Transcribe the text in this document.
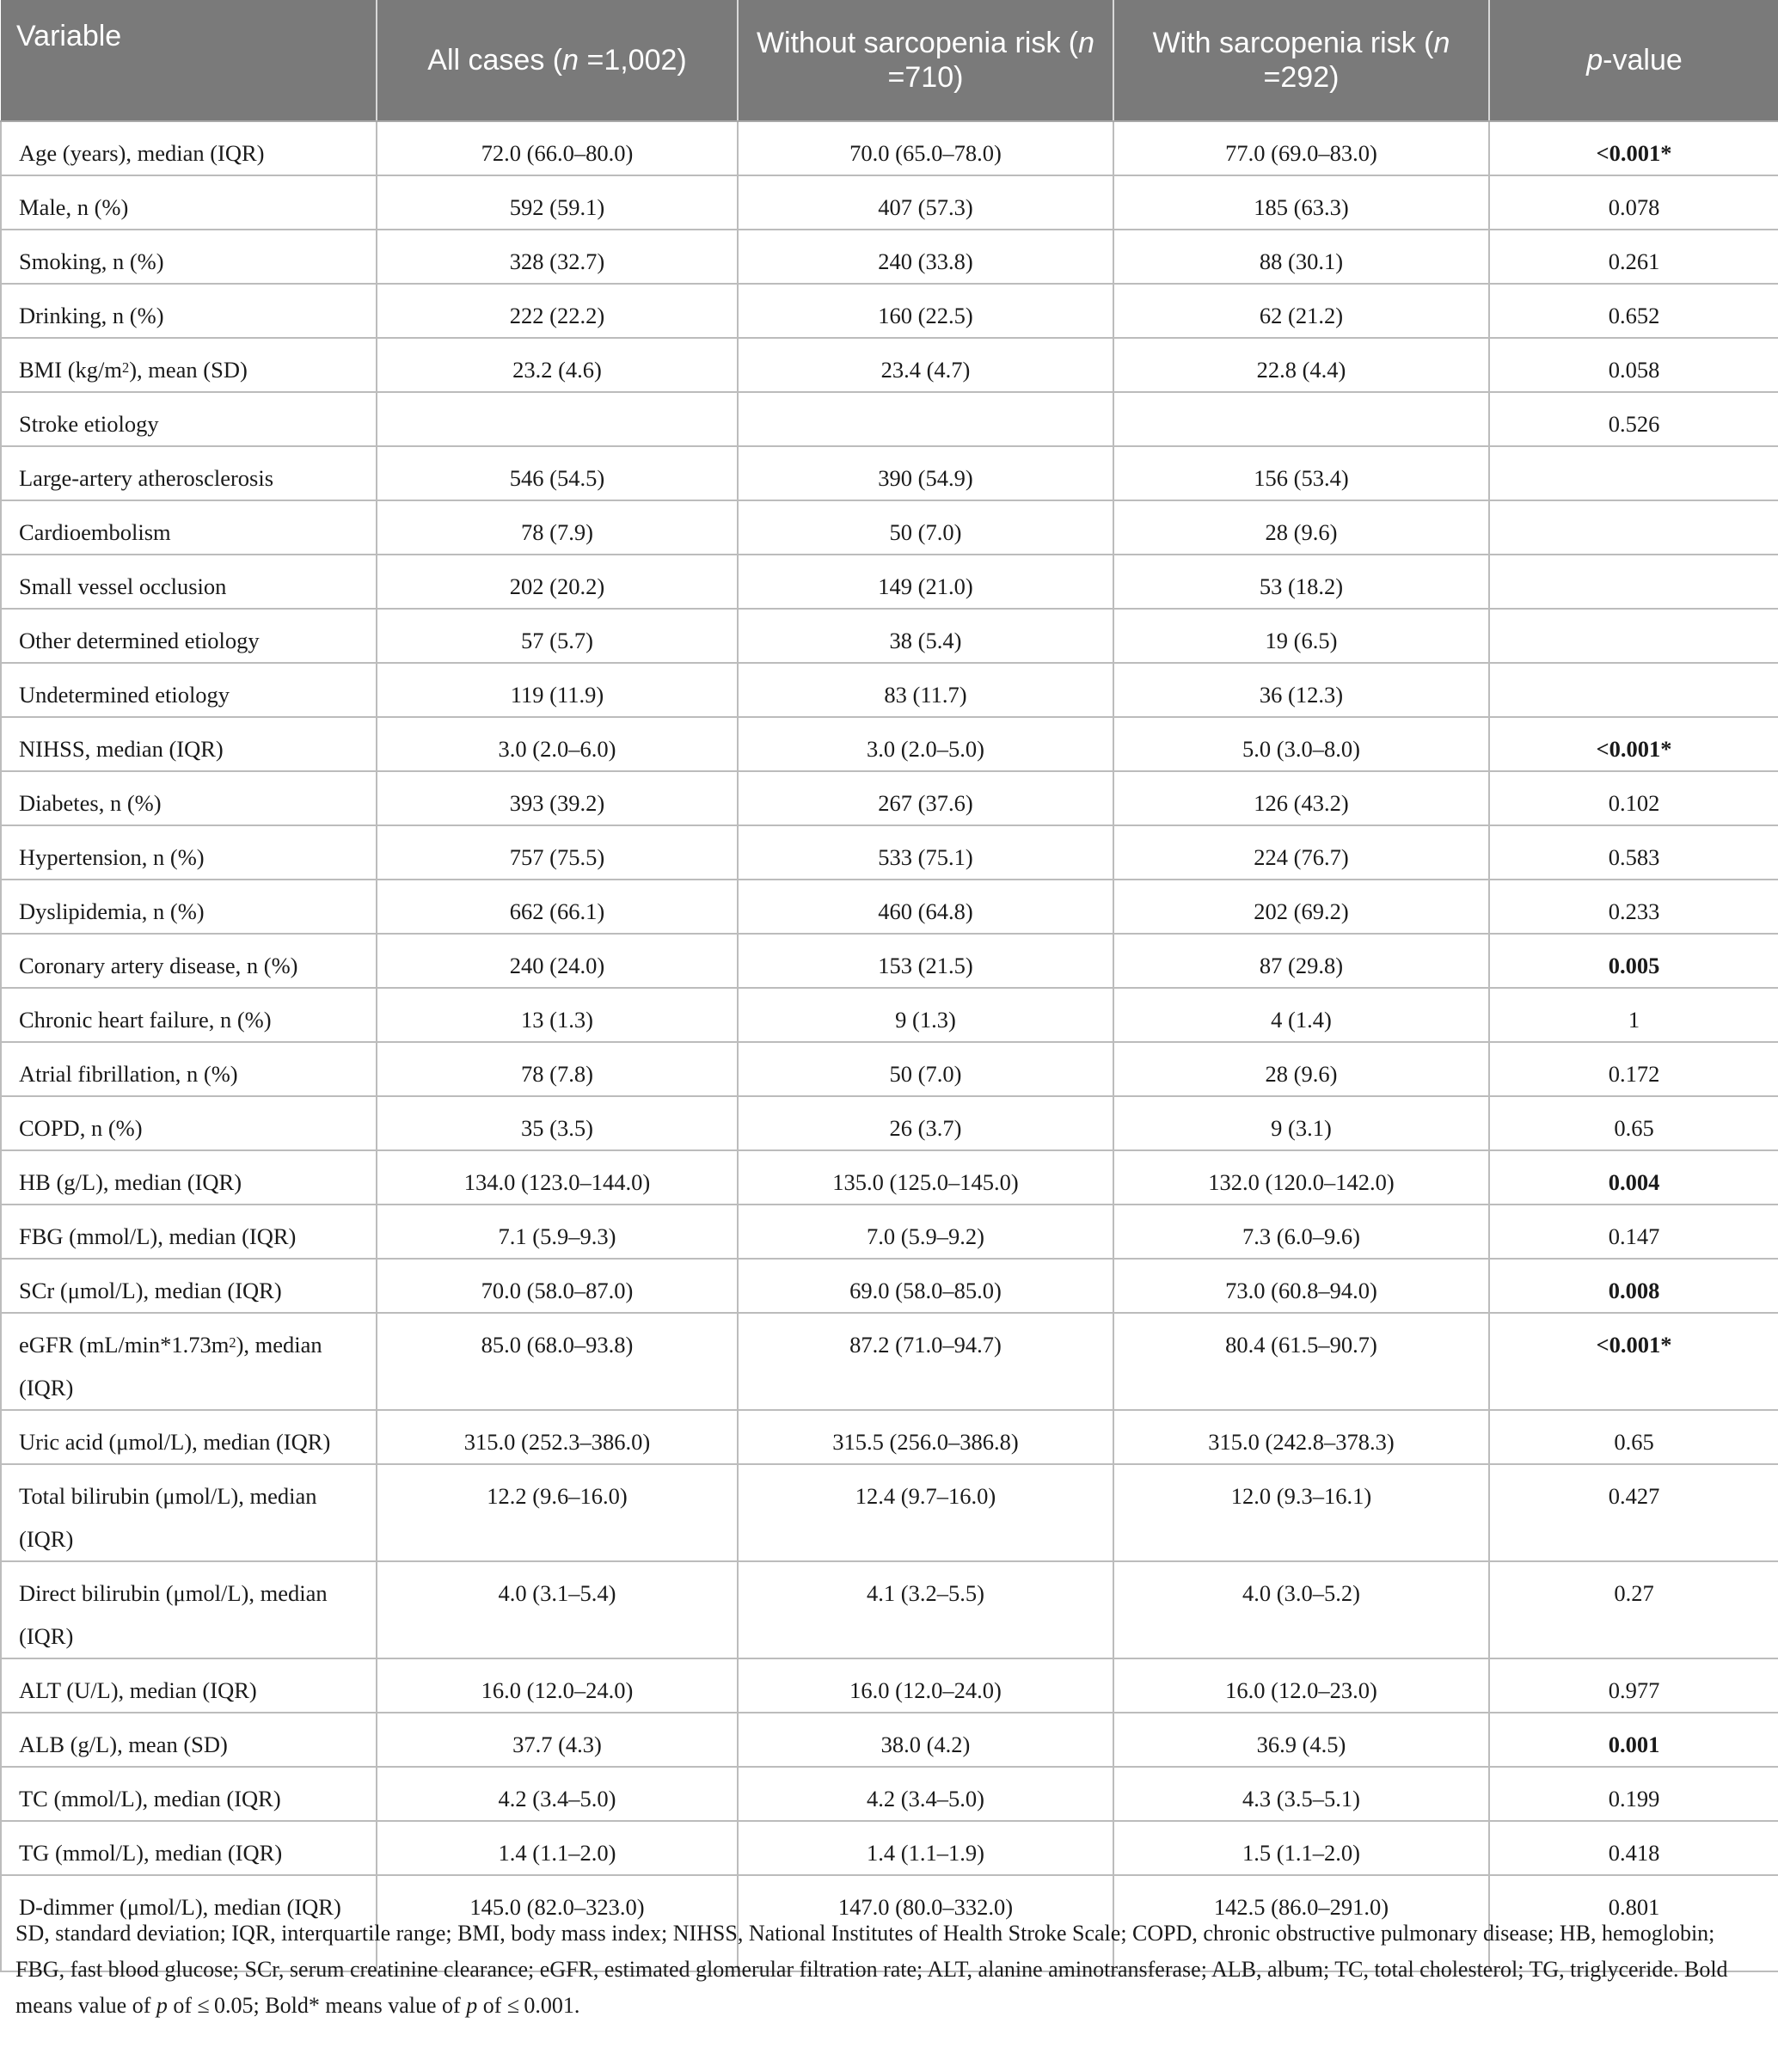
Variable	All cases (n =1,002)	Without sarcopenia risk (n =710)	With sarcopenia risk (n =292)	p-value
Age (years), median (IQR)	72.0 (66.0–80.0)	70.0 (65.0–78.0)	77.0 (69.0–83.0)	<0.001*
Male, n (%)	592 (59.1)	407 (57.3)	185 (63.3)	0.078
Smoking, n (%)	328 (32.7)	240 (33.8)	88 (30.1)	0.261
Drinking, n (%)	222 (22.2)	160 (22.5)	62 (21.2)	0.652
BMI $(kg/m^2)$, mean (SD)	23.2 (4.6)	23.4 (4.7)	22.8 (4.4)	0.058
Stroke etiology				0.526
Large-artery atherosclerosis	546 (54.5)	390 (54.9)	156 (53.4)	
Cardioembolism	78 (7.9)	50 (7.0)	28 (9.6)	
Small vessel occlusion	202 (20.2)	149 (21.0)	53 (18.2)	
Other determined etiology	57 (5.7)	38 (5.4)	19 (6.5)	
Undetermined etiology	119 (11.9)	83 (11.7)	36 (12.3)	
NIHSS, median (IQR)	3.0 (2.0–6.0)	3.0 (2.0–5.0)	5.0 (3.0–8.0)	<0.001*
Diabetes, n (%)	393 (39.2)	267 (37.6)	126 (43.2)	0.102
Hypertension, n (%)	757 (75.5)	533 (75.1)	224 (76.7)	0.583
Dyslipidemia, n (%)	662 (66.1)	460 (64.8)	202 (69.2)	0.233
Coronary artery disease, n (%)	240 (24.0)	153 (21.5)	87 (29.8)	0.005
Chronic heart failure, n (%)	13 (1.3)	9 (1.3)	4 (1.4)	1
Atrial fibrillation, n (%)	78 (7.8)	50 (7.0)	28 (9.6)	0.172
COPD, n (%)	35 (3.5)	26 (3.7)	9 (3.1)	0.65
HB (g/L), median (IQR)	134.0 (123.0–144.0)	135.0 (125.0–145.0)	132.0 (120.0–142.0)	0.004
FBG (mmol/L), median (IQR)	7.1 (5.9–9.3)	7.0 (5.9–9.2)	7.3 (6.0–9.6)	0.147
SCr (μmol/L), median (IQR)	70.0 (58.0–87.0)	69.0 (58.0–85.0)	73.0 (60.8–94.0)	0.008
eGFR $(mL/\min*1.73m^2)$, median (IQR)	85.0 (68.0–93.8)	87.2 (71.0–94.7)	80.4 (61.5–90.7)	<0.001*
Uric acid (μmol/L), median (IQR)	315.0 (252.3–386.0)	315.5 (256.0–386.8)	315.0 (242.8–378.3)	0.65
Total bilirubin (μmol/L), median (IQR)	12.2 (9.6–16.0)	12.4 (9.7–16.0)	12.0 (9.3–16.1)	0.427
Direct bilirubin (μmol/L), median (IQR)	4.0 (3.1–5.4)	4.1 (3.2–5.5)	4.0 (3.0–5.2)	0.27
ALT (U/L), median (IQR)	16.0 (12.0–24.0)	16.0 (12.0–24.0)	16.0 (12.0–23.0)	0.977
ALB (g/L), mean (SD)	37.7 (4.3)	38.0 (4.2)	36.9 (4.5)	0.001
TC (mmol/L), median (IQR)	4.2 (3.4–5.0)	4.2 (3.4–5.0)	4.3 (3.5–5.1)	0.199
TG (mmol/L), median (IQR)	1.4 (1.1–2.0)	1.4 (1.1–1.9)	1.5 (1.1–2.0)	0.418
D-dimmer (μmol/L), median (IQR)	145.0 (82.0–323.0)	147.0 (80.0–332.0)	142.5 (86.0–291.0)	0.801
SD, standard deviation; IQR, interquartile range; BMI, body mass index; NIHSS, National Institutes of Health Stroke Scale; COPD, chronic obstructive pulmonary disease; HB, hemoglobin; FBG, fast blood glucose; SCr, serum creatinine clearance; eGFR, estimated glomerular filtration rate; ALT, alanine aminotransferase; ALB, album; TC, total cholesterol; TG, triglyceride. Bold means value of p of ≤ 0.05; Bold* means value of p of ≤ 0.001.
